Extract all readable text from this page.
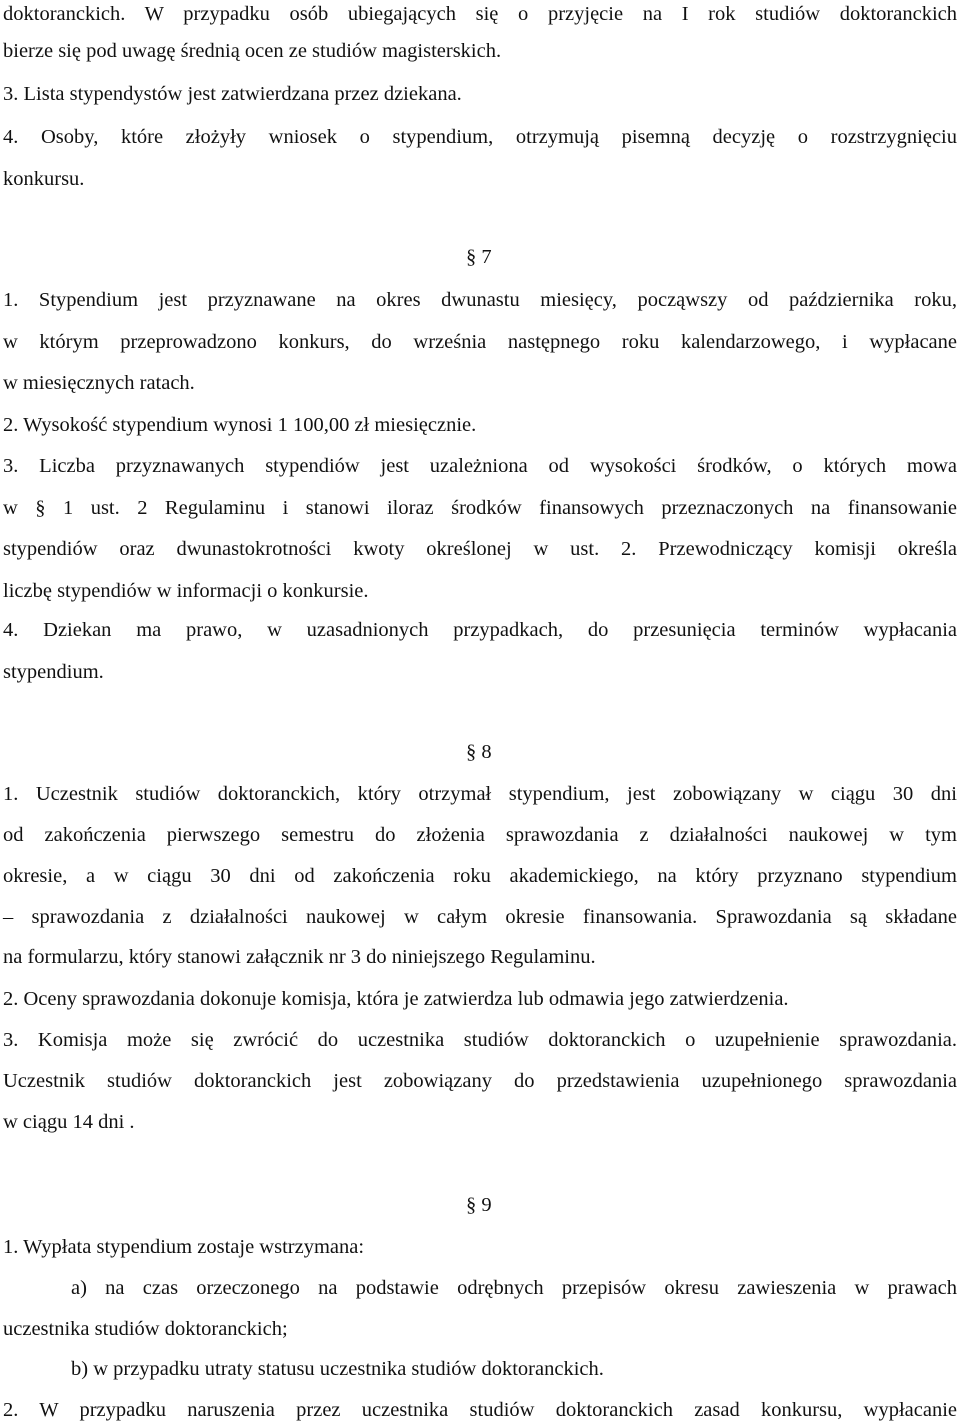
doktoranckich. W przypadku osób ubiegających się o przyjęcie na I rok studiów doktoranckich
bierze się pod uwagę średnią ocen ze studiów magisterskich.
3. Lista stypendystów jest zatwierdzana przez dziekana.
4. Osoby, które złożyły wniosek o stypendium, otrzymują pisemną decyzję o rozstrzygnięciu
konkursu.
§ 7
1. Stypendium jest przyznawane na okres dwunastu miesięcy, począwszy od października roku,
w którym przeprowadzono konkurs, do września następnego roku kalendarzowego, i wypłacane
w miesięcznych ratach.
2. Wysokość stypendium wynosi 1 100,00 zł miesięcznie.
3. Liczba przyznawanych stypendiów jest uzależniona od wysokości środków, o których mowa
w § 1 ust. 2 Regulaminu i stanowi iloraz środków finansowych przeznaczonych na finansowanie
stypendiów oraz dwunastokrotności kwoty określonej w ust. 2. Przewodniczący komisji określa
liczbę stypendiów w informacji o konkursie.
4. Dziekan ma prawo, w uzasadnionych przypadkach, do przesunięcia terminów wypłacania
stypendium.
§ 8
1. Uczestnik studiów doktoranckich, który otrzymał stypendium, jest zobowiązany w ciągu 30 dni
od zakończenia pierwszego semestru do złożenia sprawozdania z działalności naukowej w tym
okresie, a w ciągu 30 dni od zakończenia roku akademickiego, na który przyznano stypendium
– sprawozdania z działalności naukowej w całym okresie finansowania. Sprawozdania są składane
na formularzu, który stanowi załącznik nr 3 do niniejszego Regulaminu.
2. Oceny sprawozdania dokonuje komisja, która je zatwierdza lub odmawia jego zatwierdzenia.
3. Komisja może się zwrócić do uczestnika studiów doktoranckich o uzupełnienie sprawozdania.
Uczestnik studiów doktoranckich jest zobowiązany do przedstawienia uzupełnionego sprawozdania
w ciągu 14 dni .
§ 9
1. Wypłata stypendium zostaje wstrzymana:
a) na czas orzeczonego na podstawie odrębnych przepisów okresu zawieszenia w prawach
uczestnika studiów doktoranckich;
b) w przypadku utraty statusu uczestnika studiów doktoranckich.
2. W przypadku naruszenia przez uczestnika studiów doktoranckich zasad konkursu, wypłacanie
